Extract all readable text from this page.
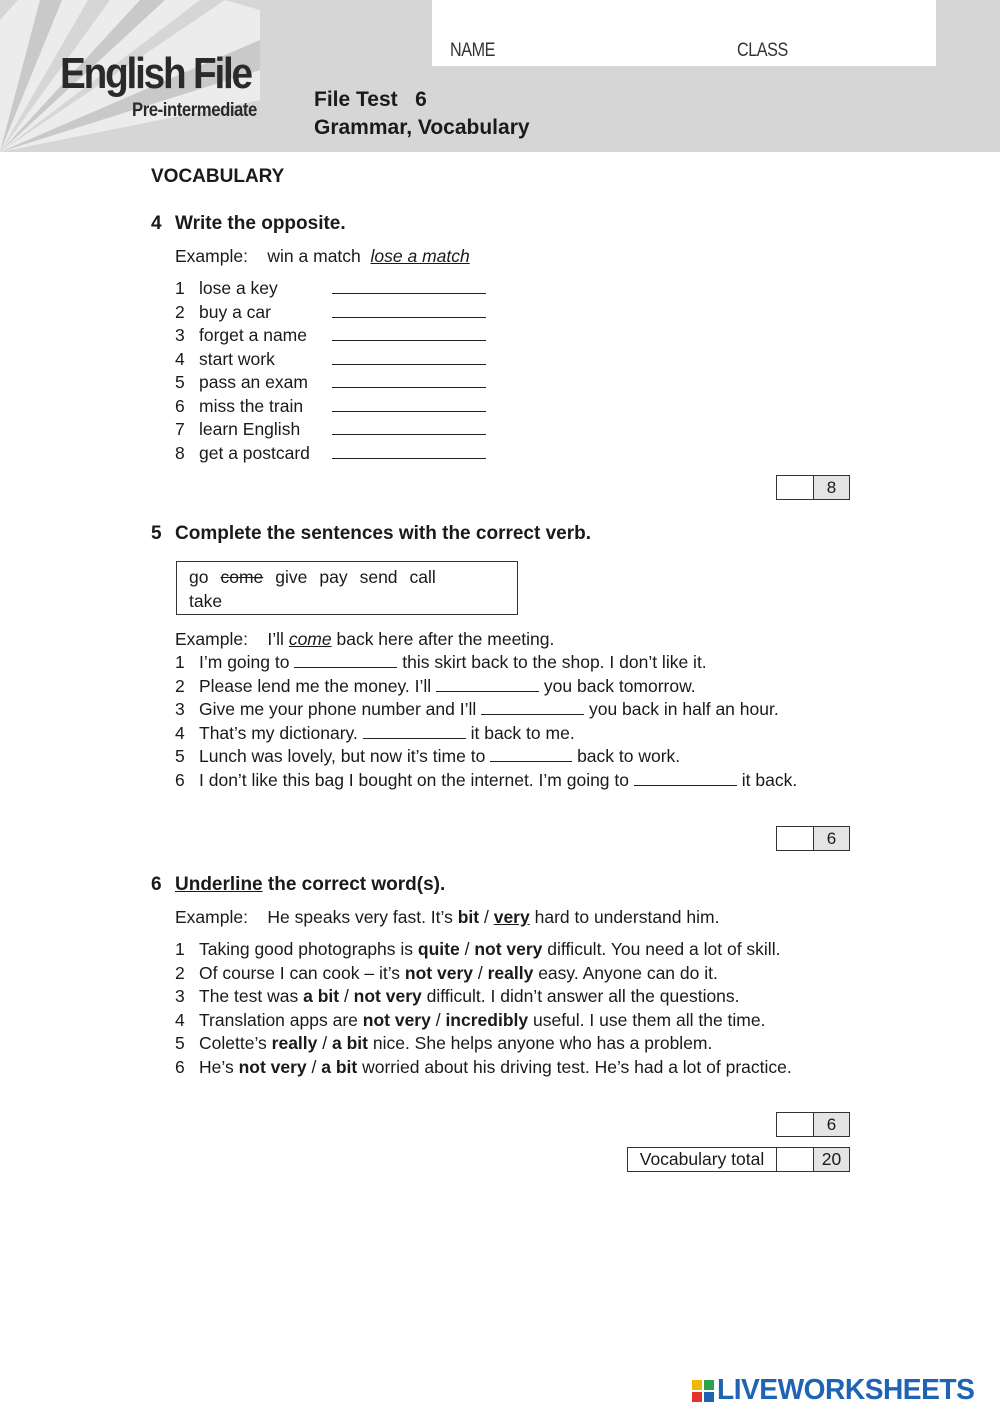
NAME	CLASS
English File
Pre-intermediate	File Test   6
Grammar, Vocabulary
VOCABULARY
4 Write the opposite.
Example: win a match lose a match
1 lose a key
2 buy a car
3 forget a name
4 start work
5 pass an exam
6 miss the train
7 learn English
8 get a postcard
8
5 Complete the sentences with the correct verb.
go come give pay send call
take
Example: I’ll come back here after the meeting.
1 I’m going to	this skirt back to the shop. I don’t like it.
2 Please lend me the money. I’ll	you back tomorrow.
3 Give me your phone number and I’ll	you back in half an hour.
4 That’s my dictionary.	it back to me.
5 Lunch was lovely, but now it’s time to	back to work.
6 I don’t like this bag I bought on the internet. I’m going to	it back.
6
6 Underline the correct word(s).
Example: He speaks very fast. It’s bit / very hard to understand him.
1 Taking good photographs is quite / not very difficult. You need a lot of skill.
2 Of course I can cook – it’s not very / really easy. Anyone can do it.
3 The test was a bit / not very difficult. I didn’t answer all the questions.
4 Translation apps are not very / incredibly useful. I use them all the time.
5 Colette’s really / a bit nice. She helps anyone who has a problem.
6 He’s not very / a bit worried about his driving test. He’s had a lot of practice.
6
Vocabulary total	20
LIVEWORKSHEETS
